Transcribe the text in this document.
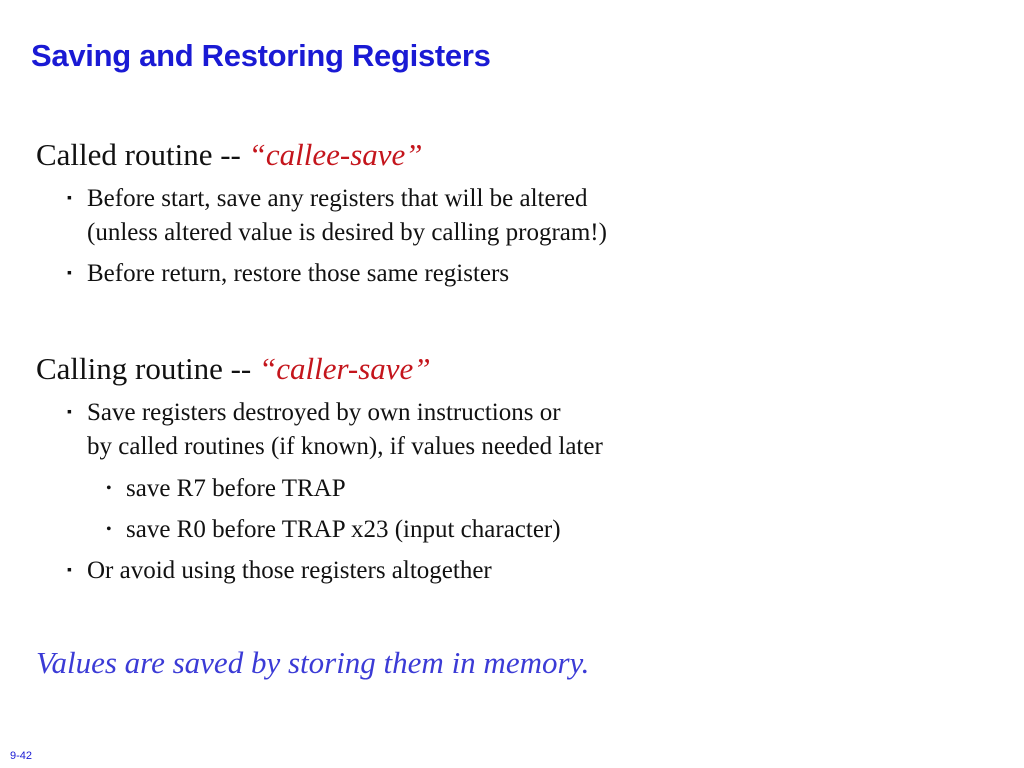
Saving and Restoring Registers
Called routine -- “callee-save”
▪ Before start, save any registers that will be altered
(unless altered value is desired by calling program!)
▪ Before return, restore those same registers
Calling routine -- “caller-save”
▪ Save registers destroyed by own instructions or
by called routines (if known), if values needed later
• save R7 before TRAP
• save R0 before TRAP x23 (input character)
▪ Or avoid using those registers altogether
Values are saved by storing them in memory.
9-42
